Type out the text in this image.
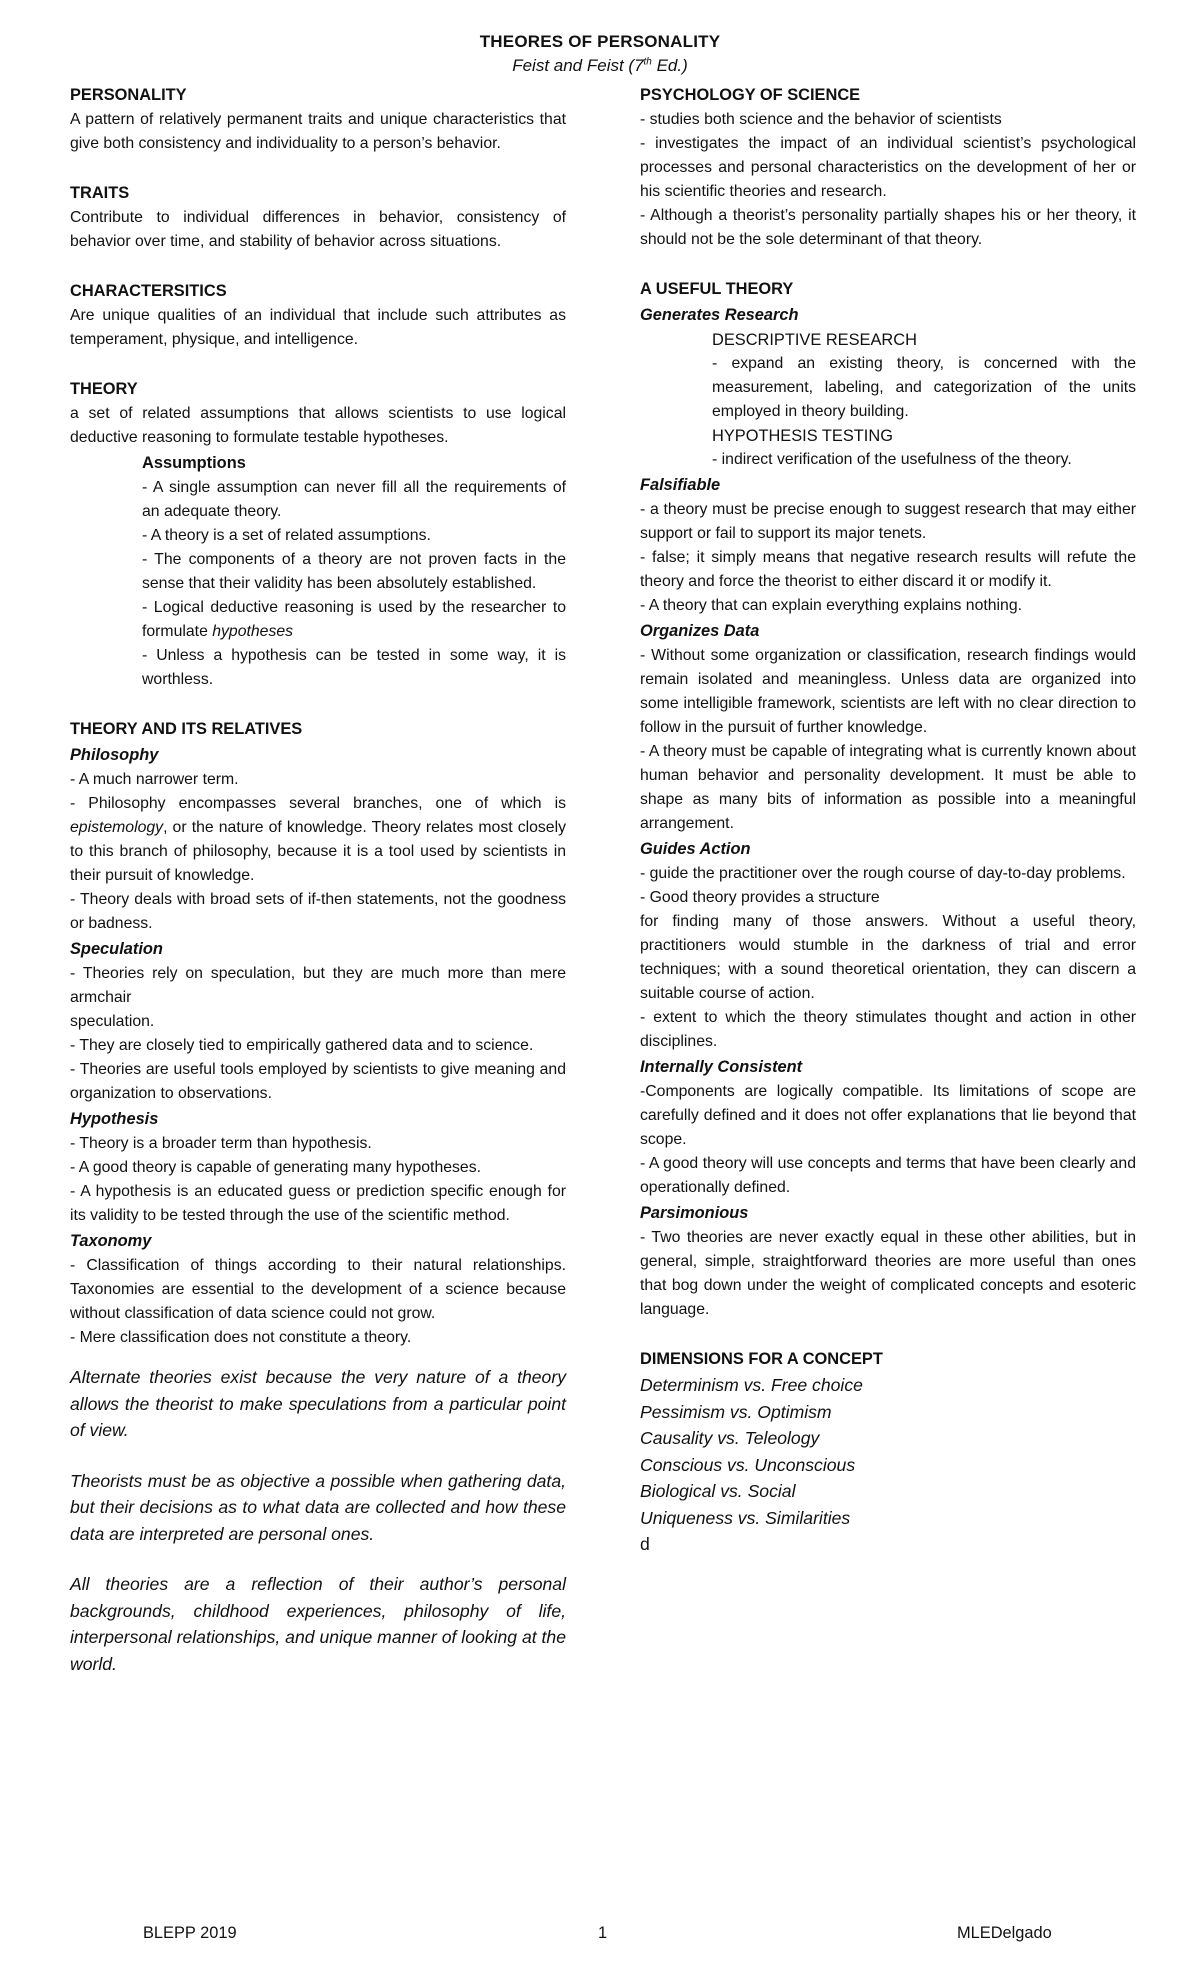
THEORES OF PERSONALITY
Feist and Feist (7th Ed.)
PERSONALITY

A pattern of relatively permanent traits and unique characteristics that give both consistency and individuality to a person’s behavior.

TRAITS

Contribute to individual differences in behavior, consistency of behavior over time, and stability of behavior across situations.

CHARACTERSITICS

Are unique qualities of an individual that include such attributes as temperament, physique, and intelligence.

THEORY

a set of related assumptions that allows scientists to use logical deductive reasoning to formulate testable hypotheses.

Assumptions

- A single assumption can never fill all the requirements of an adequate theory.

- A theory is a set of related assumptions.

- The components of a theory are not proven facts in the sense that their validity has been absolutely established.

- Logical deductive reasoning is used by the researcher to formulate hypotheses

- Unless a hypothesis can be tested in some way, it is worthless.

THEORY AND ITS RELATIVES
Philosophy

- A much narrower term.

- Philosophy encompasses several branches, one of which is epistemology, or the nature of knowledge. Theory relates most closely to this branch of philosophy, because it is a tool used by scientists in their pursuit of knowledge.

- Theory deals with broad sets of if-then statements, not the goodness or badness.

Speculation

- Theories rely on speculation, but they are much more than mere armchair

speculation.

- They are closely tied to empirically gathered data and to science.

- Theories are useful tools employed by scientists to give meaning and organization to observations.

Hypothesis

- Theory is a broader term than hypothesis.

- A good theory is capable of generating many hypotheses.

- A hypothesis is an educated guess or prediction specific enough for its validity to be tested through the use of the scientific method.

Taxonomy

- Classification of things according to their natural relationships. Taxonomies are essential to the development of a science because without classification of data science could not grow.

- Mere classification does not constitute a theory.

Alternate theories exist because the very nature of a theory allows the theorist to make speculations from a particular point of view.

Theorists must be as objective a possible when gathering data, but their decisions as to what data are collected and how these data are interpreted are personal ones.

All theories are a reflection of their author’s personal backgrounds, childhood experiences, philosophy of life, interpersonal relationships, and unique manner of looking at the world.

PSYCHOLOGY OF SCIENCE

- studies both science and the behavior of scientists

- investigates the impact of an individual scientist’s psychological processes and personal characteristics on the development of her or his scientific theories and research.

- Although a theorist’s personality partially shapes his or her theory, it should not be the sole determinant of that theory.

A USEFUL THEORY
Generates Research
DESCRIPTIVE RESEARCH

- expand an existing theory, is concerned with the measurement, labeling, and categorization of the units employed in theory building.

HYPOTHESIS TESTING

- indirect verification of the usefulness of the theory.

Falsifiable

- a theory must be precise enough to suggest research that may either support or fail to support its major tenets.

- false; it simply means that negative research results will refute the theory and force the theorist to either discard it or modify it.

- A theory that can explain everything explains nothing.

Organizes Data

- Without some organization or classification, research findings would remain isolated and meaningless. Unless data are organized into some intelligible framework, scientists are left with no clear direction to follow in the pursuit of further knowledge.

- A theory must be capable of integrating what is currently known about human behavior and personality development. It must be able to shape as many bits of information as possible into a meaningful arrangement.

Guides Action

- guide the practitioner over the rough course of day-to-day problems.

- Good theory provides a structure

for finding many of those answers. Without a useful theory, practitioners would stumble in the darkness of trial and error techniques; with a sound theoretical orientation, they can discern a suitable course of action.

- extent to which the theory stimulates thought and action in other disciplines.

Internally Consistent

-Components are logically compatible. Its limitations of scope are carefully defined and it does not offer explanations that lie beyond that scope.

- A good theory will use concepts and terms that have been clearly and operationally defined.

Parsimonious

- Two theories are never exactly equal in these other abilities, but in general, simple, straightforward theories are more useful than ones that bog down under the weight of complicated concepts and esoteric language.

DIMENSIONS FOR A CONCEPT
Determinism vs. Free choice
Pessimism vs. Optimism
Causality vs. Teleology
Conscious vs. Unconscious
Biological vs. Social
Uniqueness vs. Similarities
d
BLEPP 2019	1	MLEDelgado
